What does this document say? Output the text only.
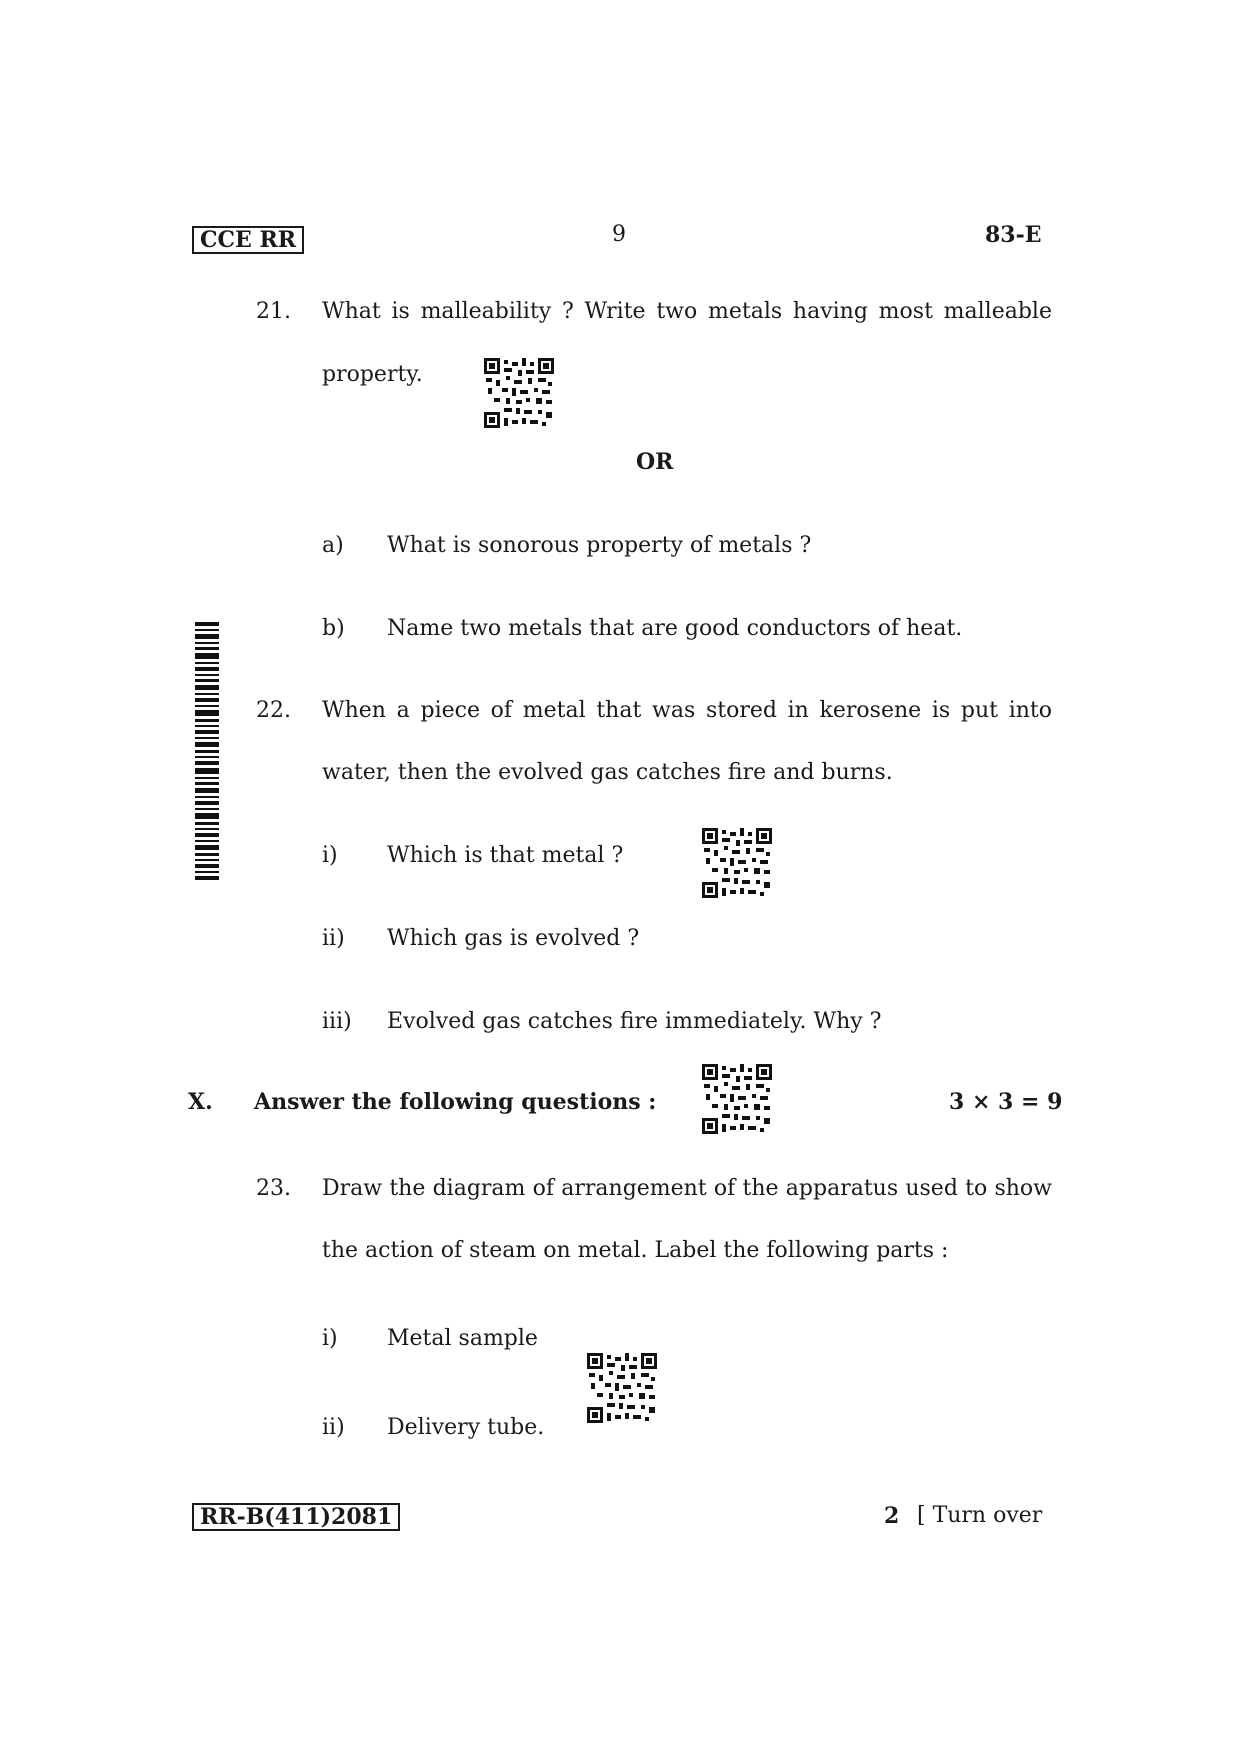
CCE RR	9	83-E
21. What is malleability ? Write two metals having most malleable
property.
OR
a) What is sonorous property of metals ?
b) Name two metals that are good conductors of heat.
22. When a piece of metal that was stored in kerosene is put into
water, then the evolved gas catches fire and burns.
i) Which is that metal ?
ii) Which gas is evolved ?
iii) Evolved gas catches fire immediately. Why ?
X. Answer the following questions :	3 × 3 = 9
23. Draw the diagram of arrangement of the apparatus used to show
the action of steam on metal. Label the following parts :
i) Metal sample
ii) Delivery tube.
RR-B(411)2081	2 [ Turn over
